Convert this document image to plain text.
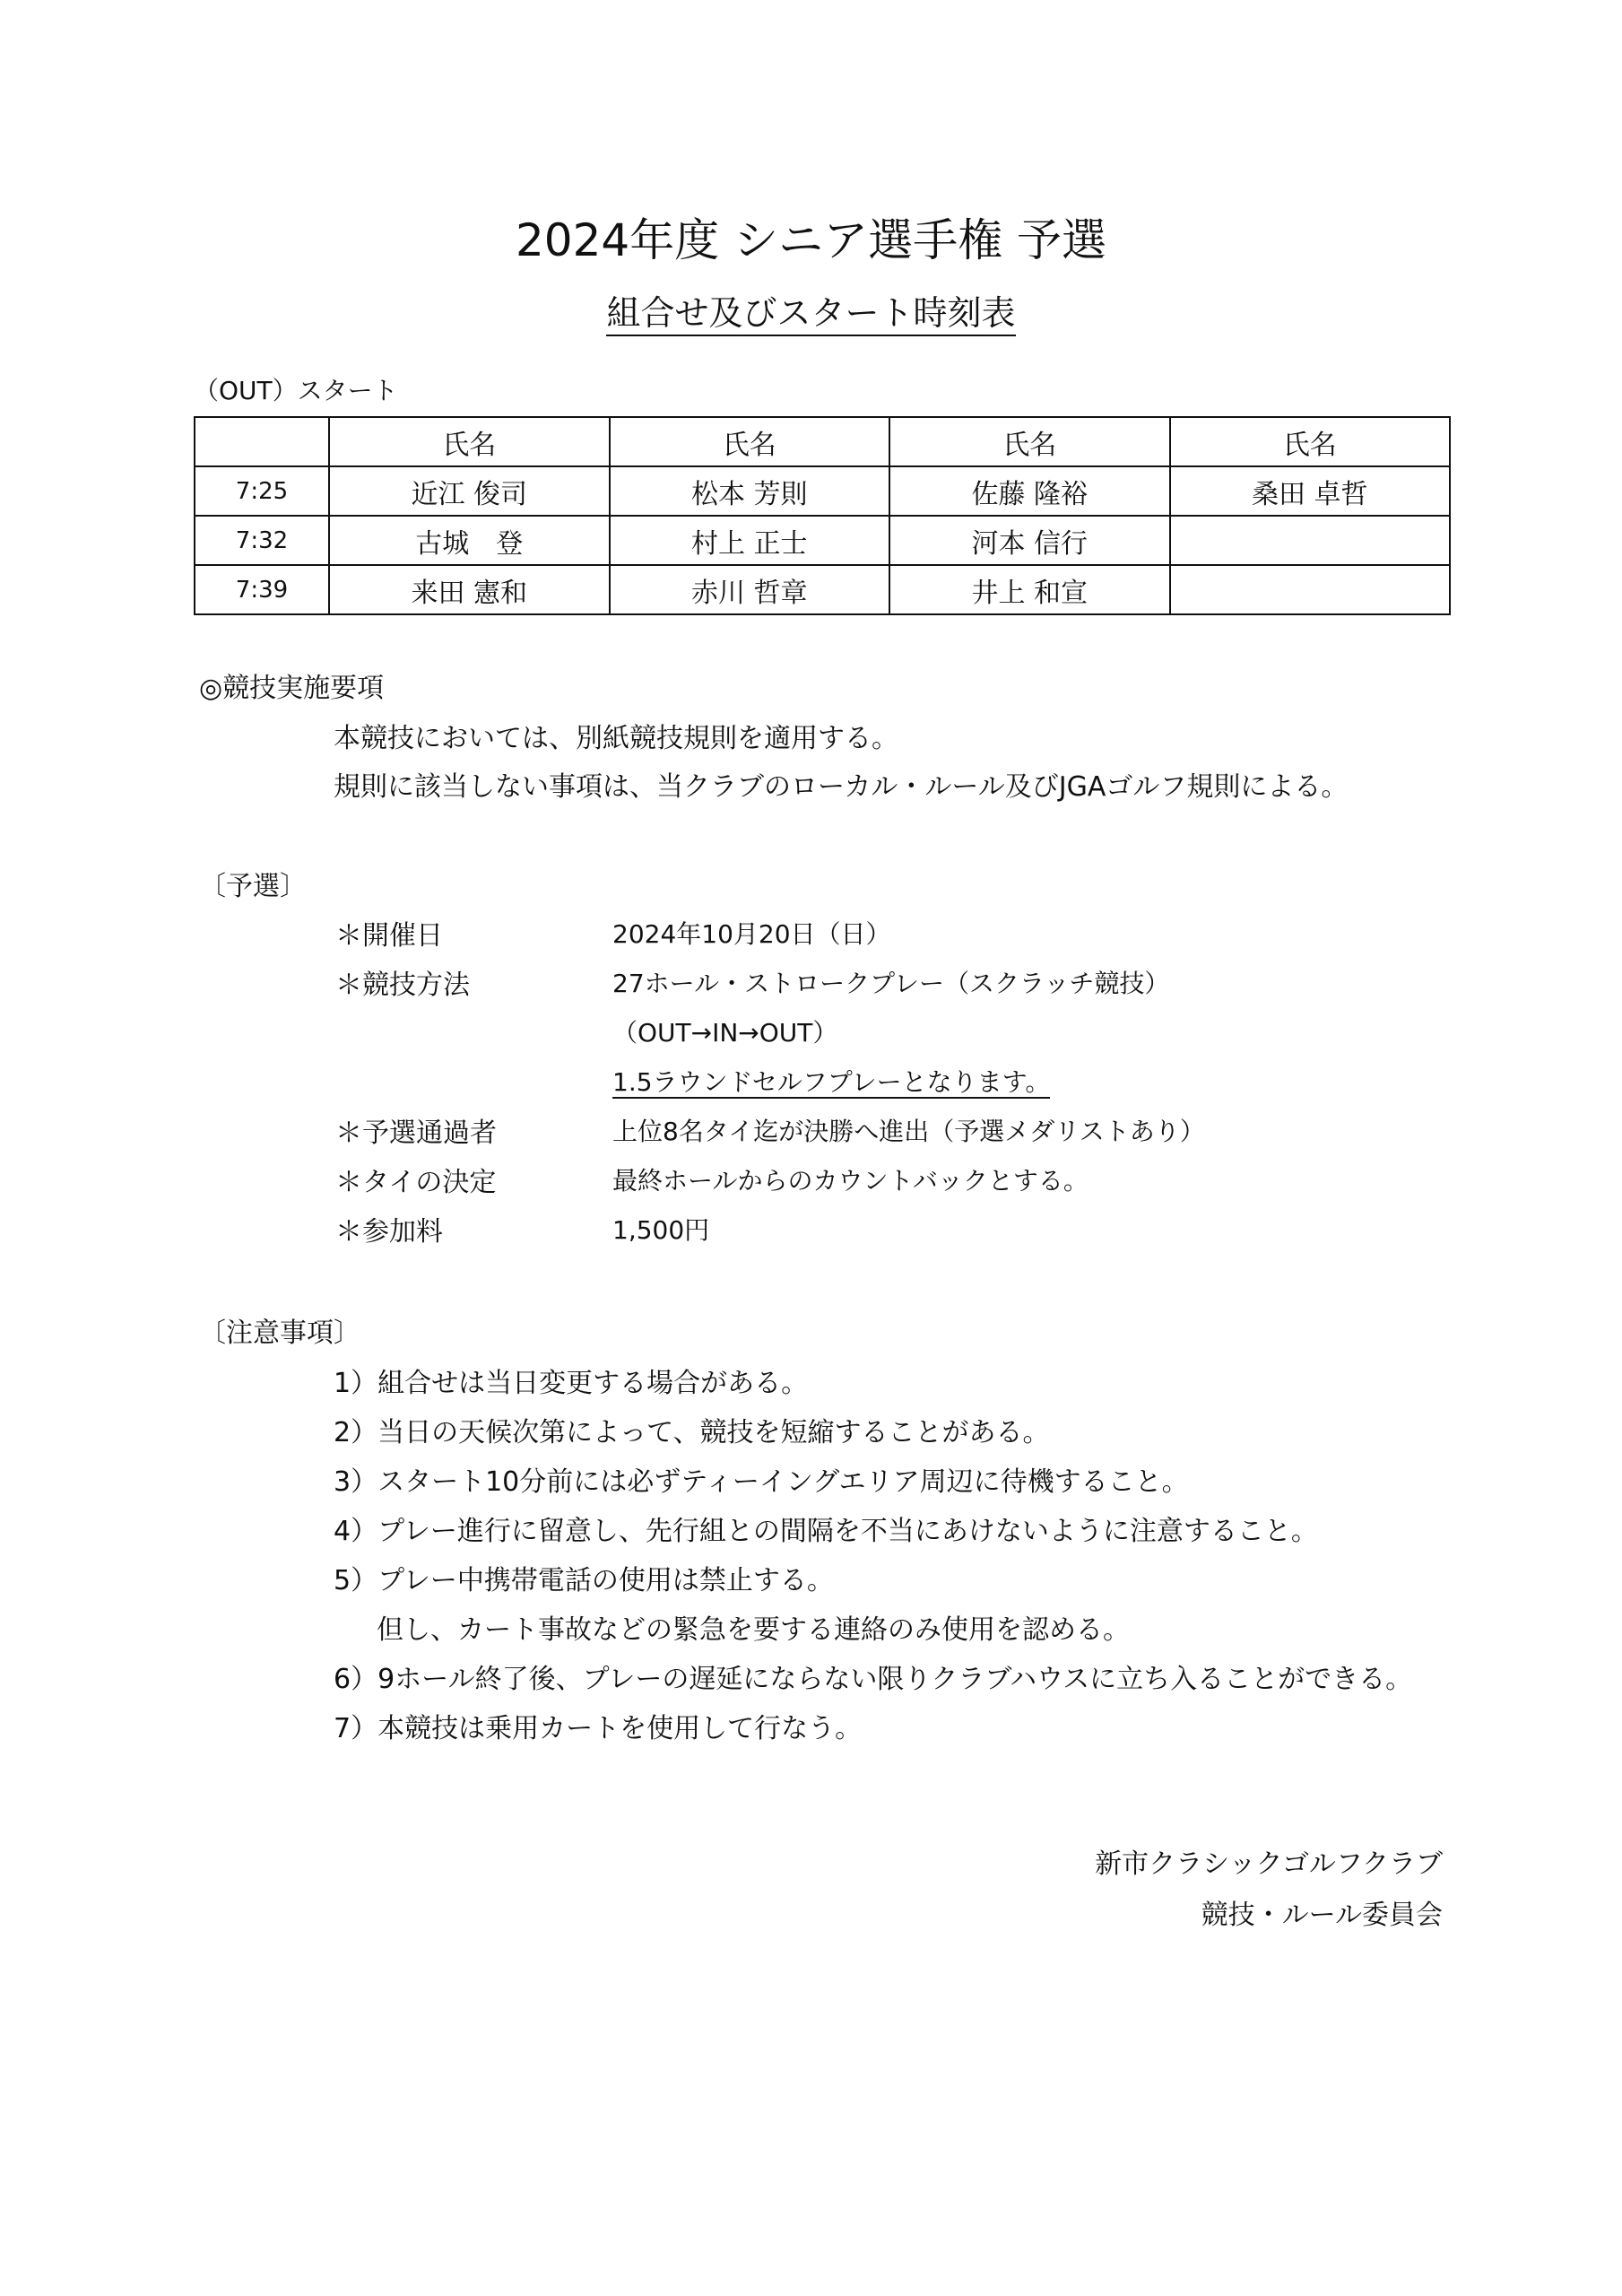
2024年度 シニア選手権 予選
組合せ及びスタート時刻表
（OUT）スタート
	氏名	氏名	氏名	氏名
7:25	近江 俊司	松本 芳則	佐藤 隆裕	桑田 卓哲
7:32	古城　登	村上 正士	河本 信行	
7:39	来田 憲和	赤川 哲章	井上 和宣	
◎競技実施要項
本競技においては、別紙競技規則を適用する。
規則に該当しない事項は、当クラブのローカル・ルール及びJGAゴルフ規則による。
〔予選〕
＊開催日	2024年10月20日（日）
＊競技方法	27ホール・ストロークプレー（スクラッチ競技）
（OUT→IN→OUT）
1.5ラウンドセルフプレーとなります。
＊予選通過者	上位8名タイ迄が決勝へ進出（予選メダリストあり）
＊タイの決定	最終ホールからのカウントバックとする。
＊参加料	1,500円
〔注意事項〕
1）組合せは当日変更する場合がある。
2）当日の天候次第によって、競技を短縮することがある。
3）スタート10分前には必ずティーイングエリア周辺に待機すること。
4）プレー進行に留意し、先行組との間隔を不当にあけないように注意すること。
5）プレー中携帯電話の使用は禁止する。
但し、カート事故などの緊急を要する連絡のみ使用を認める。
6）9ホール終了後、プレーの遅延にならない限りクラブハウスに立ち入ることができる。
7）本競技は乗用カートを使用して行なう。
新市クラシックゴルフクラブ
競技・ルール委員会
